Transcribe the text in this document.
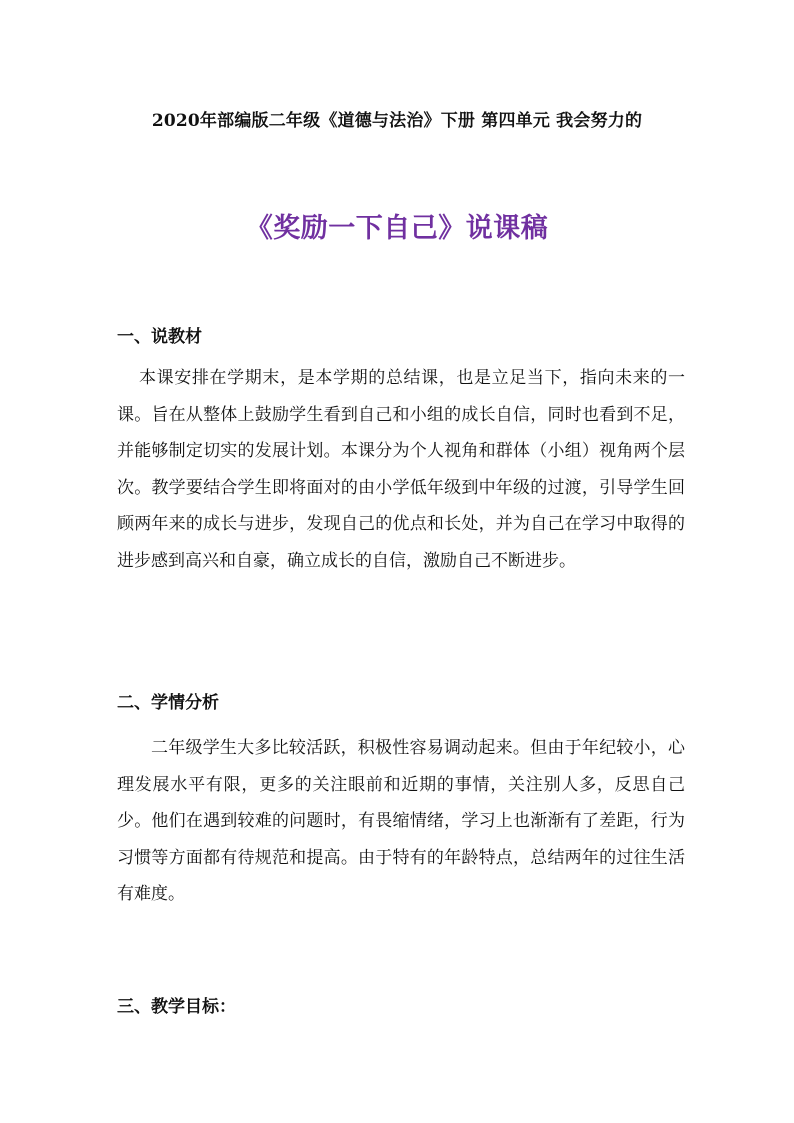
2020年部编版二年级《道德与法治》下册 第四单元 我会努力的
《奖励一下自己》说课稿
一、说教材
本课安排在学期末，是本学期的总结课，也是立足当下，指向未来的一课。旨在从整体上鼓励学生看到自己和小组的成长自信，同时也看到不足，并能够制定切实的发展计划。本课分为个人视角和群体（小组）视角两个层次。教学要结合学生即将面对的由小学低年级到中年级的过渡，引导学生回顾两年来的成长与进步，发现自己的优点和长处，并为自己在学习中取得的进步感到高兴和自豪，确立成长的自信，激励自己不断进步。
二、学情分析
二年级学生大多比较活跃，积极性容易调动起来。但由于年纪较小，心理发展水平有限，更多的关注眼前和近期的事情，关注别人多，反思自己少。他们在遇到较难的问题时，有畏缩情绪，学习上也渐渐有了差距，行为习惯等方面都有待规范和提高。由于特有的年龄特点，总结两年的过往生活有难度。
三、教学目标：
